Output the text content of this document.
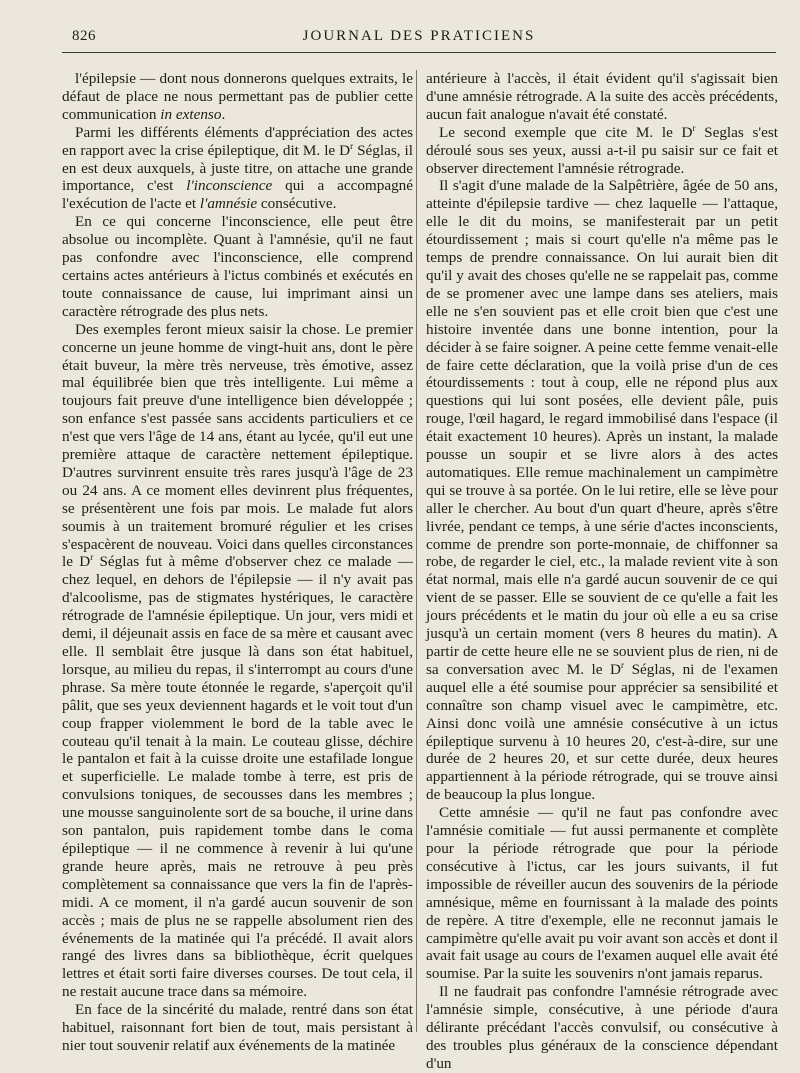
826	JOURNAL DES PRATICIENS

l'épilepsie — dont nous donnerons quelques extraits, le défaut de place ne nous permettant pas de publier cette communication in extenso.

Parmi les différents éléments d'appréciation des actes en rapport avec la crise épileptique, dit M. le $D^r$ Séglas, il en est deux auxquels, à juste titre, on attache une grande importance, c'est l'inconscience qui a accompagné l'exécution de l'acte et l'amnésie consécutive.

En ce qui concerne l'inconscience, elle peut être absolue ou incomplète. Quant à l'amnésie, qu'il ne faut pas confondre avec l'inconscience, elle comprend certains actes antérieurs à l'ictus combinés et exécutés en toute connaissance de cause, lui imprimant ainsi un caractère rétrograde des plus nets.

Des exemples feront mieux saisir la chose. Le premier concerne un jeune homme de vingt-huit ans, dont le père était buveur, la mère très nerveuse, très émotive, assez mal équilibrée bien que très intelligente. Lui même a toujours fait preuve d'une intelligence bien développée ; son enfance s'est passée sans accidents particuliers et ce n'est que vers l'âge de 14 ans, étant au lycée, qu'il eut une première attaque de caractère nettement épileptique. D'autres survinrent ensuite très rares jusqu'à l'âge de 23 ou 24 ans. A ce moment elles devinrent plus fréquentes, se présentèrent une fois par mois. Le malade fut alors soumis à un traitement bromuré régulier et les crises s'espacèrent de nouveau. Voici dans quelles circonstances le $D^r$ Séglas fut à même d'observer chez ce malade — chez lequel, en dehors de l'épilepsie — il n'y avait pas d'alcoolisme, pas de stigmates hystériques, le caractère rétrograde de l'amnésie épileptique. Un jour, vers midi et demi, il déjeunait assis en face de sa mère et causant avec elle. Il semblait être jusque là dans son état habituel, lorsque, au milieu du repas, il s'interrompt au cours d'une phrase. Sa mère toute étonnée le regarde, s'aperçoit qu'il pâlit, que ses yeux deviennent hagards et le voit tout d'un coup frapper violemment le bord de la table avec le couteau qu'il tenait à la main. Le couteau glisse, déchire le pantalon et fait à la cuisse droite une estafilade longue et superficielle. Le malade tombe à terre, est pris de convulsions toniques, de secousses dans les membres ; une mousse sanguinolente sort de sa bouche, il urine dans son pantalon, puis rapidement tombe dans le coma épileptique — il ne commence à revenir à lui qu'une grande heure après, mais ne retrouve à peu près complètement sa connaissance que vers la fin de l'après-midi. A ce moment, il n'a gardé aucun souvenir de son accès ; mais de plus ne se rappelle absolument rien des événements de la matinée qui l'a précédé. Il avait alors rangé des livres dans sa bibliothèque, écrit quelques lettres et était sorti faire diverses courses. De tout cela, il ne restait aucune trace dans sa mémoire.

En face de la sincérité du malade, rentré dans son état habituel, raisonnant fort bien de tout, mais persistant à nier tout souvenir relatif aux événements de la matinée

antérieure à l'accès, il était évident qu'il s'agissait bien d'une amnésie rétrograde. A la suite des accès précédents, aucun fait analogue n'avait été constaté.

Le second exemple que cite M. le $D^r$ Seglas s'est déroulé sous ses yeux, aussi a-t-il pu saisir sur ce fait et observer directement l'amnésie rétrograde.

Il s'agit d'une malade de la Salpêtrière, âgée de 50 ans, atteinte d'épilepsie tardive — chez laquelle — l'attaque, elle le dit du moins, se manifesterait par un petit étourdissement ; mais si court qu'elle n'a même pas le temps de prendre connaissance. On lui aurait bien dit qu'il y avait des choses qu'elle ne se rappelait pas, comme de se promener avec une lampe dans ses ateliers, mais elle ne s'en souvient pas et elle croit bien que c'est une histoire inventée dans une bonne intention, pour la décider à se faire soigner. A peine cette femme venait-elle de faire cette déclaration, que la voilà prise d'un de ces étourdissements : tout à coup, elle ne répond plus aux questions qui lui sont posées, elle devient pâle, puis rouge, l'œil hagard, le regard immobilisé dans l'espace (il était exactement 10 heures). Après un instant, la malade pousse un soupir et se livre alors à des actes automatiques. Elle remue machinalement un campimètre qui se trouve à sa portée. On le lui retire, elle se lève pour aller le chercher. Au bout d'un quart d'heure, après s'être livrée, pendant ce temps, à une série d'actes inconscients, comme de prendre son porte-monnaie, de chiffonner sa robe, de regarder le ciel, etc., la malade revient vite à son état normal, mais elle n'a gardé aucun souvenir de ce qui vient de se passer. Elle se souvient de ce qu'elle a fait les jours précédents et le matin du jour où elle a eu sa crise jusqu'à un certain moment (vers 8 heures du matin). A partir de cette heure elle ne se souvient plus de rien, ni de sa conversation avec M. le $D^r$ Séglas, ni de l'examen auquel elle a été soumise pour apprécier sa sensibilité et connaître son champ visuel avec le campimètre, etc. Ainsi donc voilà une amnésie consécutive à un ictus épileptique survenu à 10 heures 20, c'est-à-dire, sur une durée de 2 heures 20, et sur cette durée, deux heures appartiennent à la période rétrograde, qui se trouve ainsi de beaucoup la plus longue.

Cette amnésie — qu'il ne faut pas confondre avec l'amnésie comitiale — fut aussi permanente et complète pour la période rétrograde que pour la période consécutive à l'ictus, car les jours suivants, il fut impossible de réveiller aucun des souvenirs de la période amnésique, même en fournissant à la malade des points de repère. A titre d'exemple, elle ne reconnut jamais le campimètre qu'elle avait pu voir avant son accès et dont il avait fait usage au cours de l'examen auquel elle avait été soumise. Par la suite les souvenirs n'ont jamais reparus.

Il ne faudrait pas confondre l'amnésie rétrograde avec l'amnésie simple, consécutive, à une période d'aura délirante précédant l'accès convulsif, ou consécutive à des troubles plus généraux de la conscience dépendant d'un
